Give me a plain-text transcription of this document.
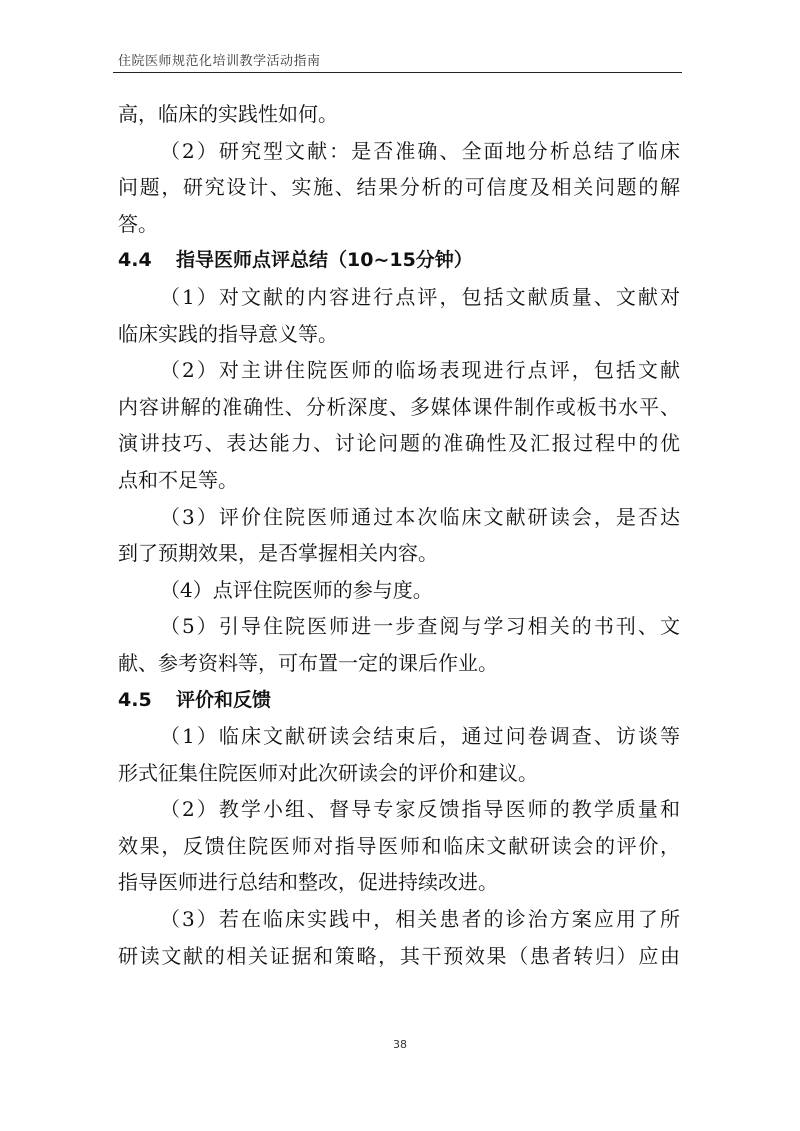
住院医师规范化培训教学活动指南
高，临床的实践性如何。
（2）研究型文献：是否准确、全面地分析总结了临床
问题，研究设计、实施、结果分析的可信度及相关问题的解
答。
4.4 指导医师点评总结（10~15分钟）
（1）对文献的内容进行点评，包括文献质量、文献对
临床实践的指导意义等。
（2）对主讲住院医师的临场表现进行点评，包括文献
内容讲解的准确性、分析深度、多媒体课件制作或板书水平、
演讲技巧、表达能力、讨论问题的准确性及汇报过程中的优
点和不足等。
（3）评价住院医师通过本次临床文献研读会，是否达
到了预期效果，是否掌握相关内容。
（4）点评住院医师的参与度。
（5）引导住院医师进一步查阅与学习相关的书刊、文
献、参考资料等，可布置一定的课后作业。
4.5 评价和反馈
（1）临床文献研读会结束后，通过问卷调查、访谈等
形式征集住院医师对此次研读会的评价和建议。
（2）教学小组、督导专家反馈指导医师的教学质量和
效果，反馈住院医师对指导医师和临床文献研读会的评价，
指导医师进行总结和整改，促进持续改进。
（3）若在临床实践中，相关患者的诊治方案应用了所
研读文献的相关证据和策略，其干预效果（患者转归）应由
38
